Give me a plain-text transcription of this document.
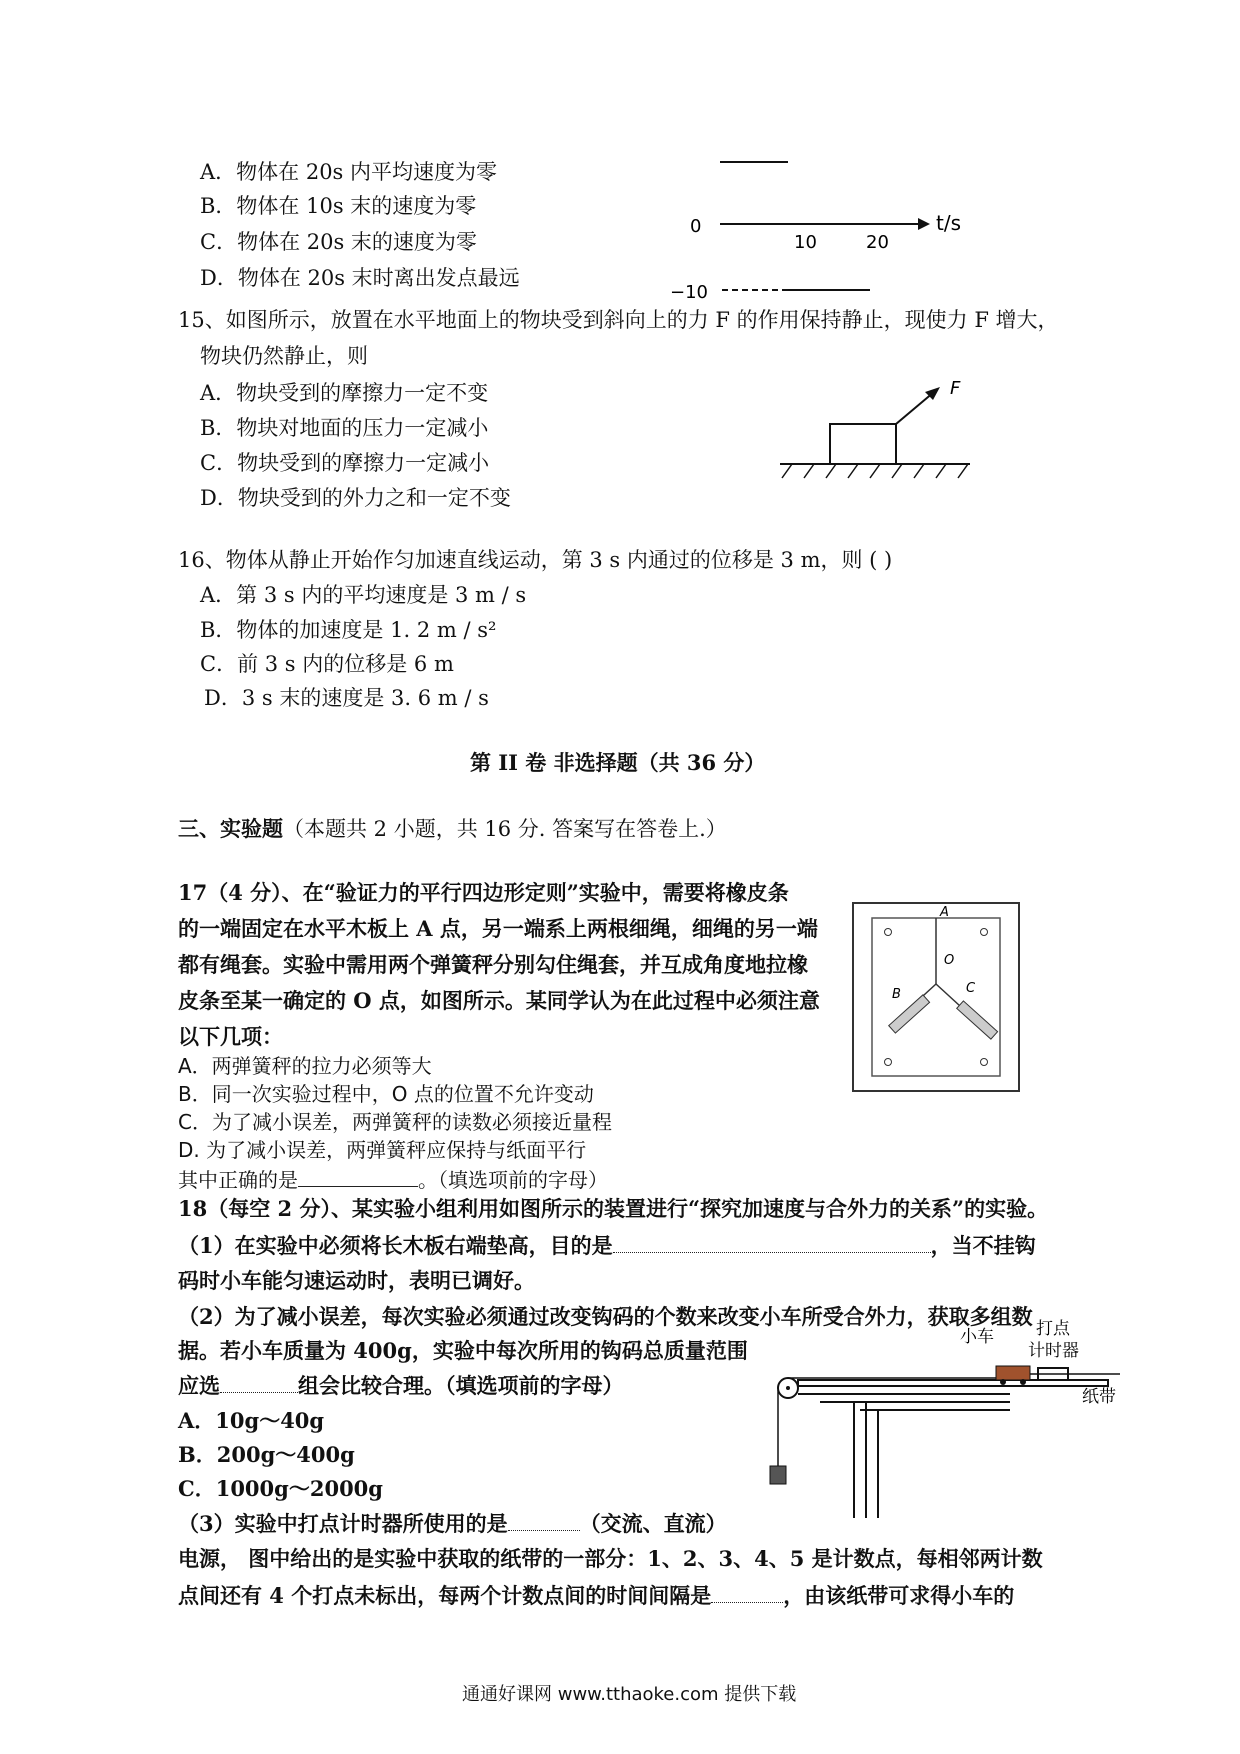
A．物体在 20s 内平均速度为零
B．物体在 10s 末的速度为零
C．物体在 20s 末的速度为零
D．物体在 20s 末时离出发点最远
0
10	20
t/s
−10
15、如图所示，放置在水平地面上的物块受到斜向上的力 F 的作用保持静止，现使力 F 增大，
物块仍然静止，则
A．物块受到的摩擦力一定不变
B．物块对地面的压力一定减小
C．物块受到的摩擦力一定减小
D．物块受到的外力之和一定不变
F
16、物体从静止开始作匀加速直线运动，第 3 s 内通过的位移是 3 m，则 ( )
A．第 3 s 内的平均速度是 3 m / s
B．物体的加速度是 1. 2 m / s²
C．前 3 s 内的位移是 6 m
D．3 s 末的速度是 3. 6 m / s
第 II 卷 非选择题（共 36 分）
三、实验题（本题共 2 小题，共 16 分. 答案写在答卷上.）
17（4 分）、在“验证力的平行四边形定则”实验中，需要将橡皮条
的一端固定在水平木板上 A 点，另一端系上两根细绳，细绳的另一端
都有绳套。实验中需用两个弹簧秤分别勾住绳套，并互成角度地拉橡
皮条至某一确定的 O 点，如图所示。某同学认为在此过程中必须注意
以下几项：
A．两弹簧秤的拉力必须等大
B．同一次实验过程中，O 点的位置不允许变动
C．为了减小误差，两弹簧秤的读数必须接近量程
D. 为了减小误差，两弹簧秤应保持与纸面平行
其中正确的是	。（填选项前的字母）
A
O
B	C
18（每空 2 分）、某实验小组利用如图所示的装置进行“探究加速度与合外力的关系”的实验。
（1）在实验中必须将长木板右端垫高，目的是	，当不挂钩
码时小车能匀速运动时，表明已调好。
（2）为了减小误差，每次实验必须通过改变钩码的个数来改变小车所受合外力，获取多组数
据。若小车质量为 400g，实验中每次所用的钩码总质量范围
应选	组会比较合理。（填选项前的字母）
A．10g～40g
B．200g～400g
C．1000g～2000g
（3）实验中打点计时器所使用的是	（交流、直流）
电源， 图中给出的是实验中获取的纸带的一部分：1、2、3、4、5 是计数点，每相邻两计数
点间还有 4 个打点未标出，每两个计数点间的时间间隔是	，由该纸带可求得小车的
小车 打点
计时器
纸带
通通好课网 www.tthaoke.com 提供下载
